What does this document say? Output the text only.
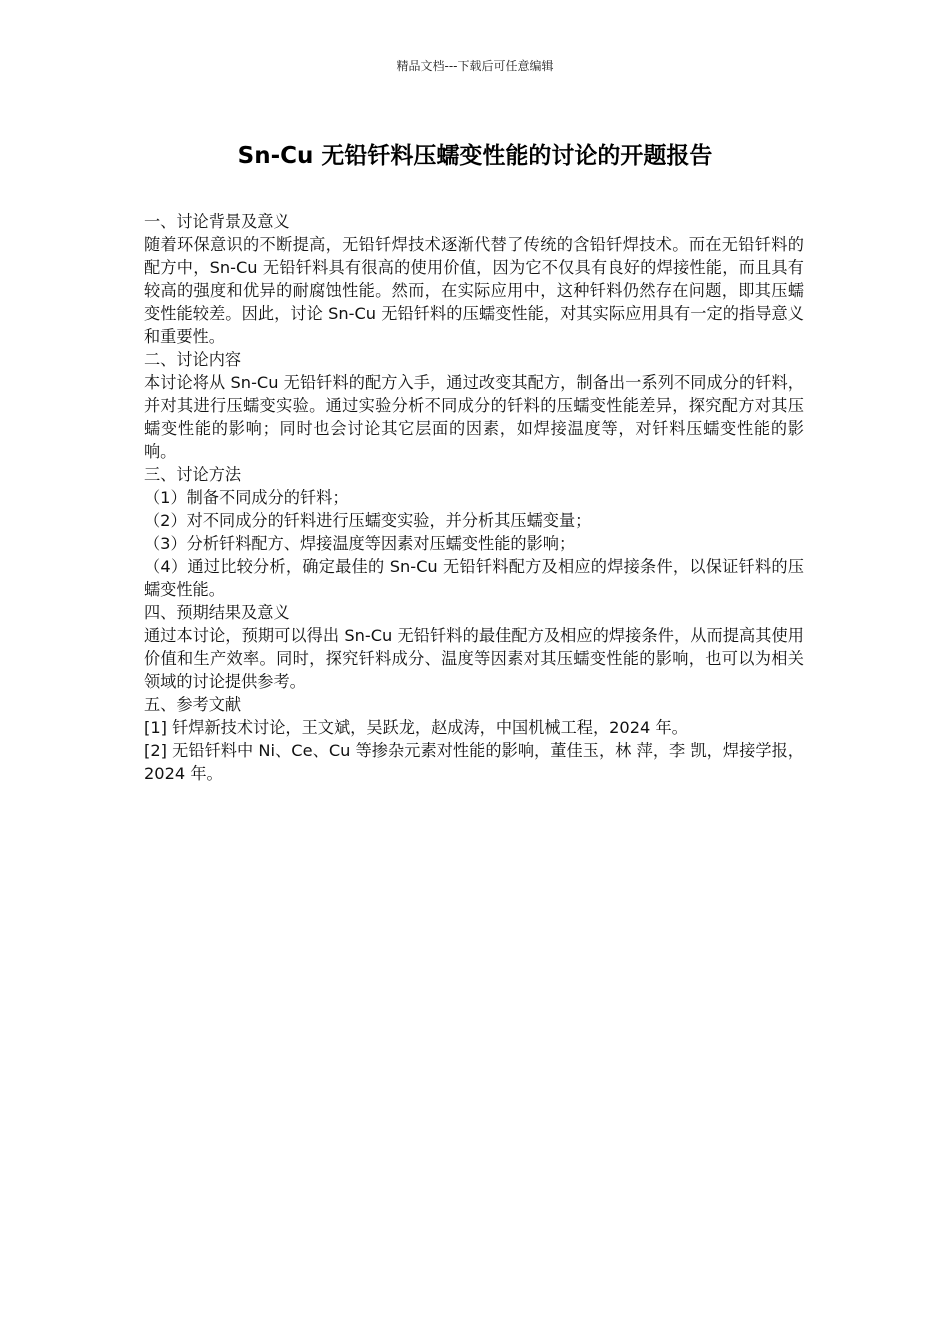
精品文档---下载后可任意编辑
Sn-Cu 无铅钎料压蠕变性能的讨论的开题报告

一、讨论背景及意义

随着环保意识的不断提高，无铅钎焊技术逐渐代替了传统的含铅钎焊技术。而在无铅钎料的配方中，Sn-Cu 无铅钎料具有很高的使用价值，因为它不仅具有良好的焊接性能，而且具有较高的强度和优异的耐腐蚀性能。然而，在实际应用中，这种钎料仍然存在问题，即其压蠕变性能较差。因此，讨论 Sn-Cu 无铅钎料的压蠕变性能，对其实际应用具有一定的指导意义和重要性。

二、讨论内容

本讨论将从 Sn-Cu 无铅钎料的配方入手，通过改变其配方，制备出一系列不同成分的钎料，并对其进行压蠕变实验。通过实验分析不同成分的钎料的压蠕变性能差异，探究配方对其压蠕变性能的影响；同时也会讨论其它层面的因素，如焊接温度等，对钎料压蠕变性能的影响。

三、讨论方法

（1）制备不同成分的钎料；

（2）对不同成分的钎料进行压蠕变实验，并分析其压蠕变量；

（3）分析钎料配方、焊接温度等因素对压蠕变性能的影响；

（4）通过比较分析，确定最佳的 Sn-Cu 无铅钎料配方及相应的焊接条件，以保证钎料的压蠕变性能。

四、预期结果及意义

通过本讨论，预期可以得出 Sn-Cu 无铅钎料的最佳配方及相应的焊接条件，从而提高其使用价值和生产效率。同时，探究钎料成分、温度等因素对其压蠕变性能的影响，也可以为相关领域的讨论提供参考。

五、参考文献

[1] 钎焊新技术讨论，王文斌，吴跃龙，赵成涛，中国机械工程，2024 年。

[2] 无铅钎料中 Ni、Ce、Cu 等掺杂元素对性能的影响，董佳玉，林 萍，李 凯，焊接学报，2024 年。
